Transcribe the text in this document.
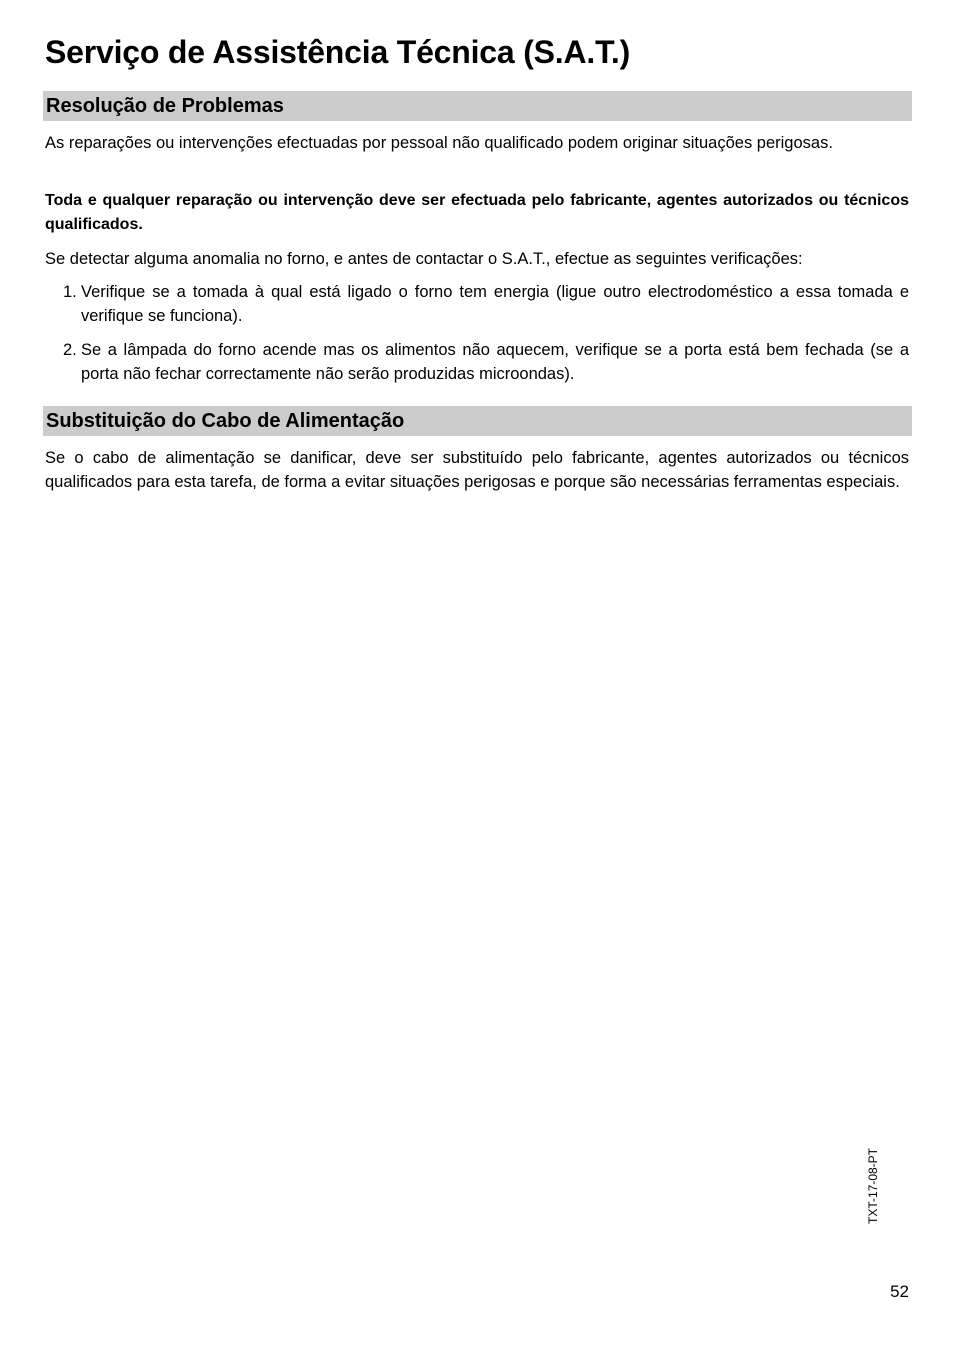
Serviço de Assistência Técnica (S.A.T.)
Resolução de Problemas

As reparações ou intervenções efectuadas por pessoal não qualificado podem originar situações perigosas.

Toda e qualquer reparação ou intervenção deve ser efectuada pelo fabricante, agentes autorizados ou técnicos qualificados.

Se detectar alguma anomalia no forno, e antes de contactar o S.A.T., efectue as seguintes verificações:

1. Verifique se a tomada à qual está ligado o forno tem energia (ligue outro electrodoméstico a essa tomada e verifique se funciona).
2. Se a lâmpada do forno acende mas os alimentos não aquecem, verifique se a porta está bem fechada (se a porta não fechar correctamente não serão produzidas microondas).
Substituição do Cabo de Alimentação

Se o cabo de alimentação se danificar, deve ser substituído pelo fabricante, agentes autorizados ou técnicos qualificados para esta tarefa, de forma a evitar situações perigosas e porque são necessárias ferramentas especiais.

TXT-17-08-PT
52
